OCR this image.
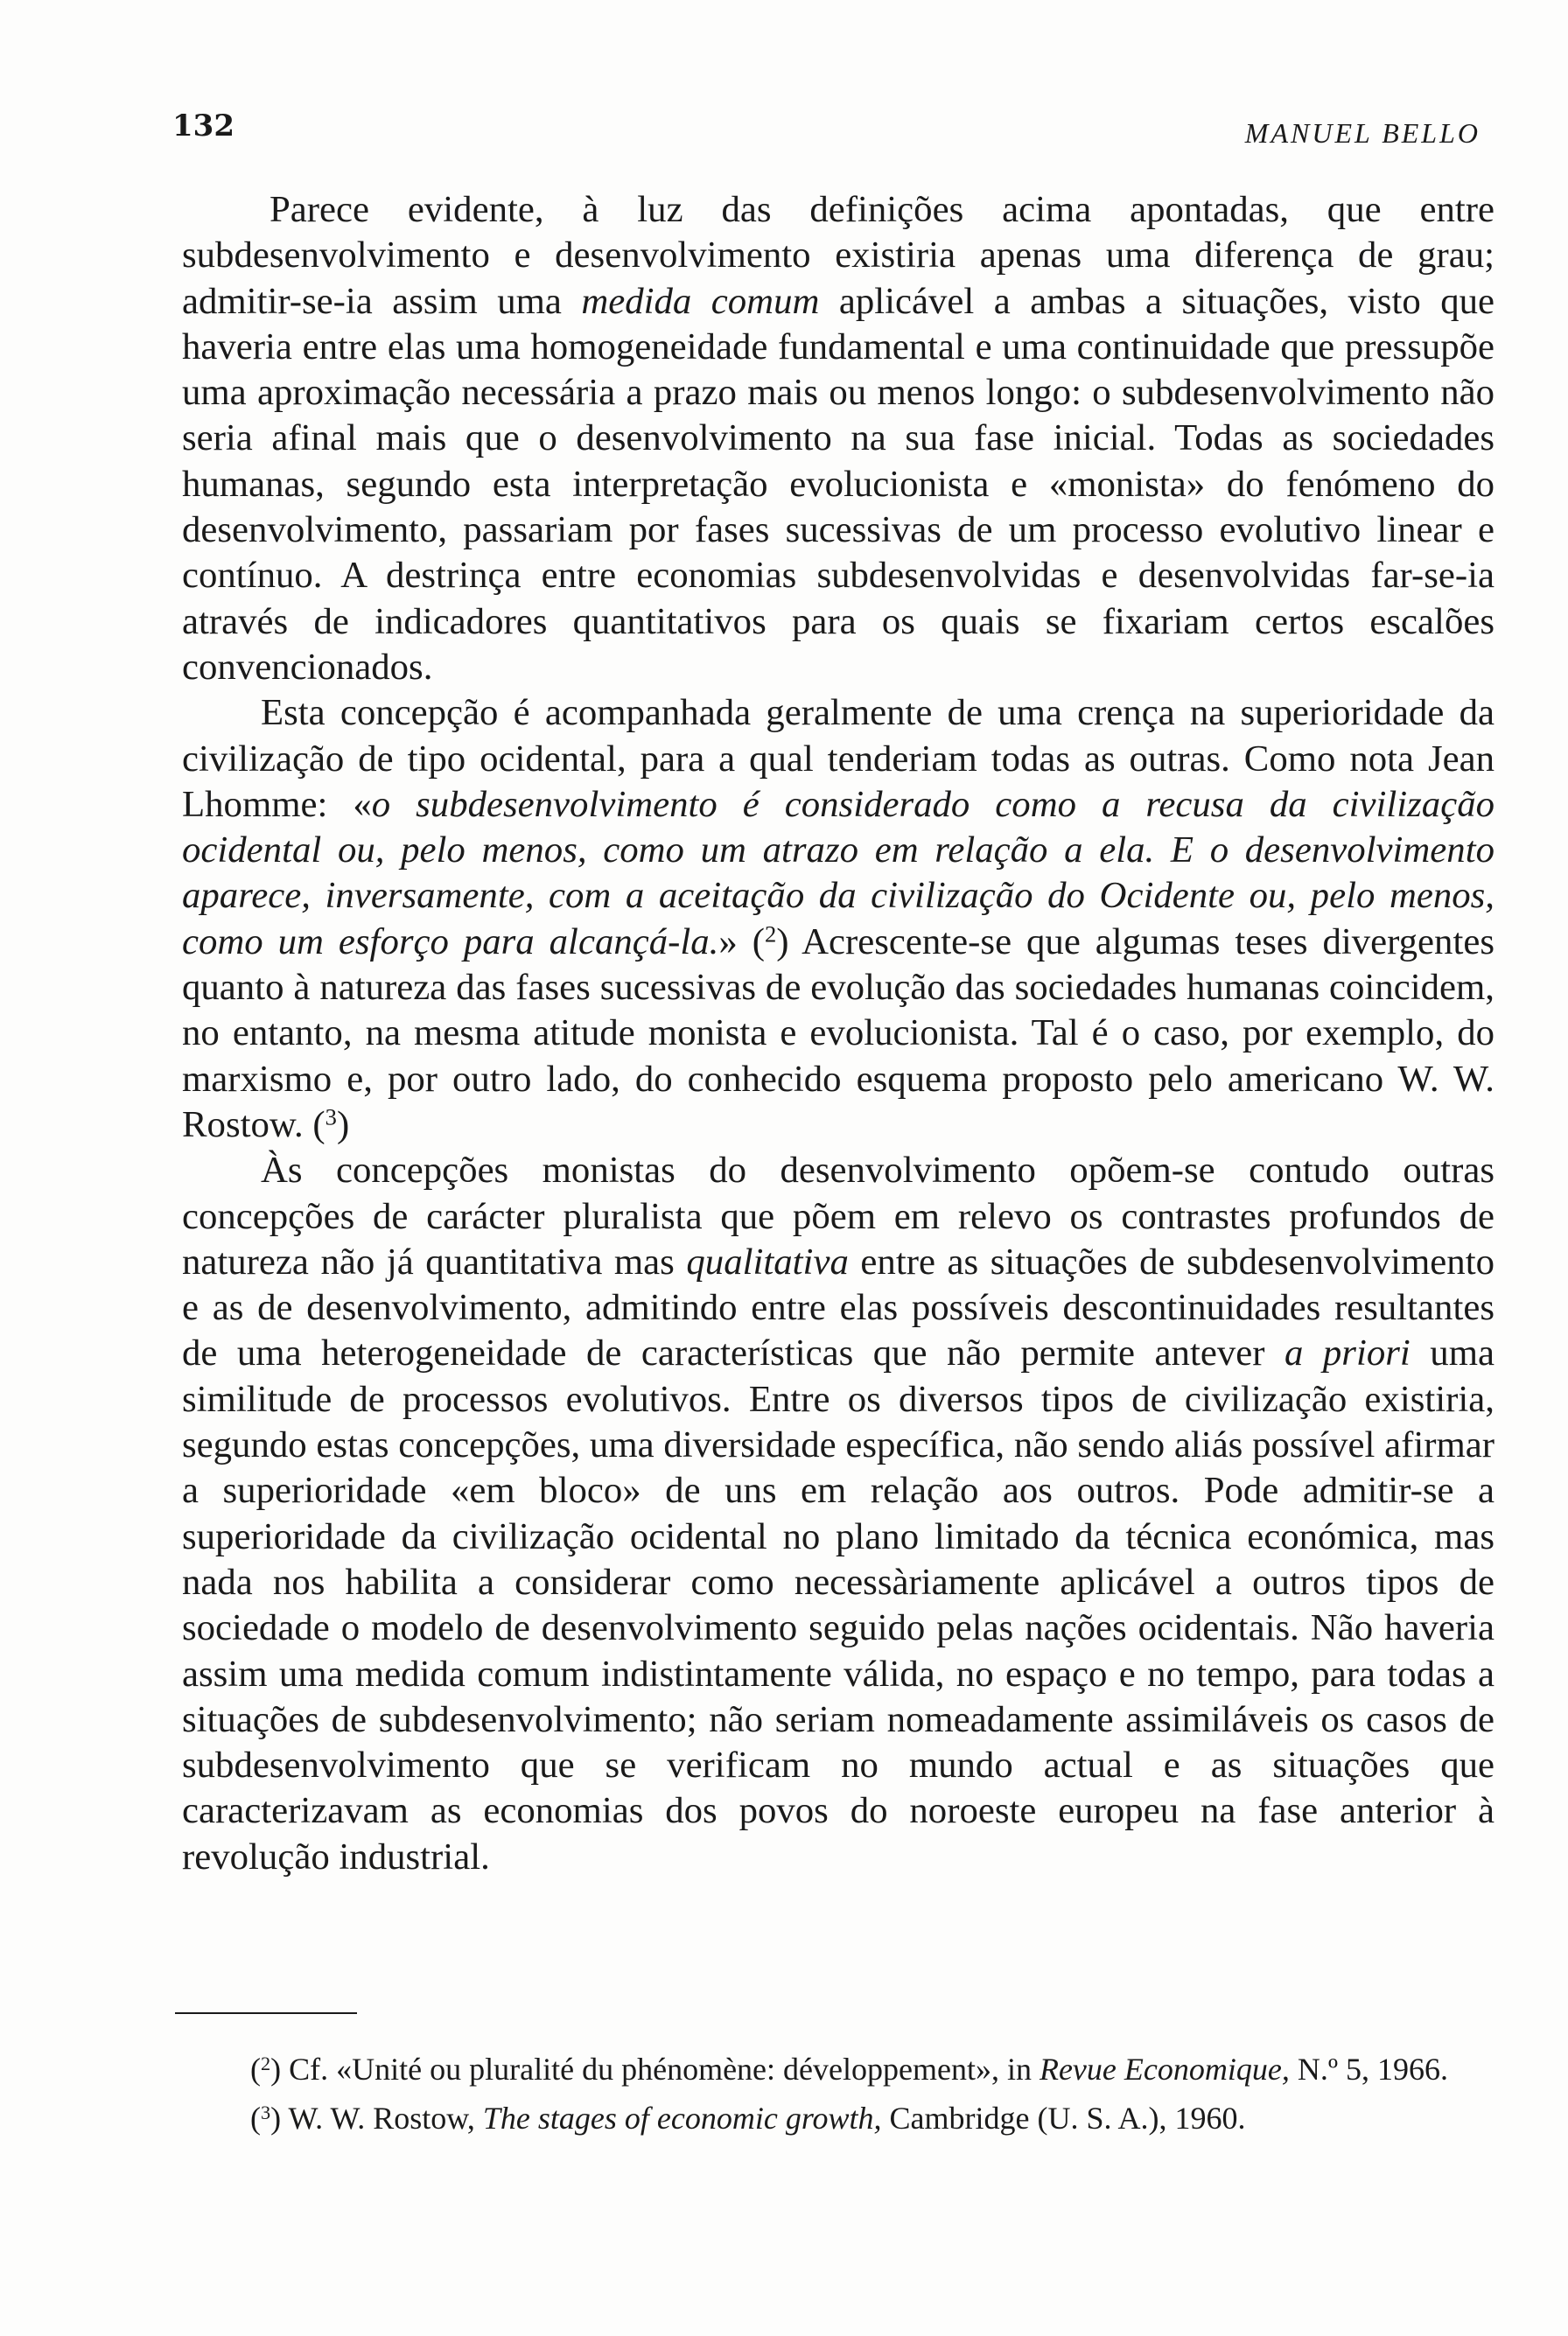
132	MANUEL BELLO

Parece evidente, à luz das definições acima apontadas, que entre subdesenvolvimento e desenvolvimento existiria apenas uma diferença de grau; admitir-se-ia assim uma medida comum aplicável a ambas a situações, visto que haveria entre elas uma homogeneidade fundamental e uma continuidade que pressupõe uma aproximação necessária a prazo mais ou menos longo: o subdesenvolvimento não seria afinal mais que o desenvolvimento na sua fase inicial. Todas as sociedades humanas, segundo esta interpretação evolucionista e «monista» do fenómeno do desenvolvimento, passariam por fases sucessivas de um processo evolutivo linear e contínuo. A destrinça entre economias subdesenvolvidas e desenvolvidas far-se-ia através de indicadores quantitativos para os quais se fixariam certos escalões convencionados.

Esta concepção é acompanhada geralmente de uma crença na superioridade da civilização de tipo ocidental, para a qual tenderiam todas as outras. Como nota Jean Lhomme: «o subdesenvolvimento é considerado como a recusa da civilização ocidental ou, pelo menos, como um atrazo em relação a ela. E o desenvolvimento aparece, inversamente, com a aceitação da civilização do Ocidente ou, pelo menos, como um esforço para alcançá-la.» ($^2$) Acrescente-se que algumas teses divergentes quanto à natureza das fases sucessivas de evolução das sociedades humanas coincidem, no entanto, na mesma atitude monista e evolucionista. Tal é o caso, por exemplo, do marxismo e, por outro lado, do conhecido esquema proposto pelo americano W. W. Rostow. ($^3$)

Às concepções monistas do desenvolvimento opõem-se contudo outras concepções de carácter pluralista que põem em relevo os contrastes profundos de natureza não já quantitativa mas qualitativa entre as situações de subdesenvolvimento e as de desenvolvimento, admitindo entre elas possíveis descontinuidades resultantes de uma heterogeneidade de características que não permite antever a priori uma similitude de processos evolutivos. Entre os diversos tipos de civilização existiria, segundo estas concepções, uma diversidade específica, não sendo aliás possível afirmar a superioridade «em bloco» de uns em relação aos outros. Pode admitir-se a superioridade da civilização ocidental no plano limitado da técnica económica, mas nada nos habilita a considerar como necessàriamente aplicável a outros tipos de sociedade o modelo de desenvolvimento seguido pelas nações ocidentais. Não haveria assim uma medida comum indistintamente válida, no espaço e no tempo, para todas a situações de subdesenvolvimento; não seriam nomeadamente assimiláveis os casos de subdesenvolvimento que se verificam no mundo actual e as situações que caracterizavam as economias dos povos do noroeste europeu na fase anterior à revolução industrial.

($^2$) Cf. «Unité ou pluralité du phénomène: développement», in Revue Economique, N.º 5, 1966.

($^3$) W. W. Rostow, The stages of economic growth, Cambridge (U. S. A.), 1960.
